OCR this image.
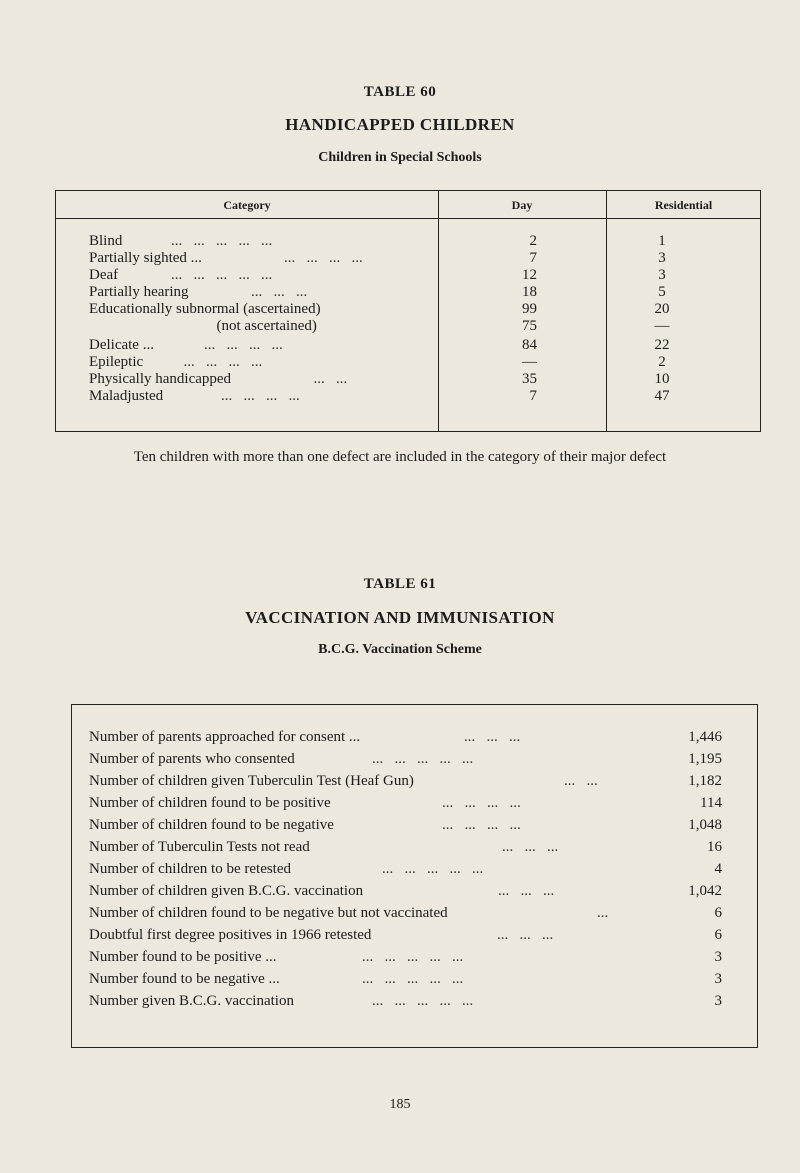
TABLE 60
HANDICAPPED CHILDREN
Children in Special Schools
Category	Day	Residential
Blind	...   ...   ...   ...   ...	2	1
Partially sighted ...	...   ...   ...   ...	7	3
Deaf	...   ...   ...   ...   ...	12	3
Partially hearing ...   ...   ...	18	5
Educationally subnormal (ascertained)	99	20
(not ascertained)	75	—
Delicate ...	...   ...   ...   ...	84	22
Epileptic ...   ...   ...   ...	—	2
Physically handicapped ...   ...	35	10
Maladjusted	...   ...   ...   ...	7	47
Ten children with more than one defect are included in the category of their major defect
TABLE 61
VACCINATION AND IMMUNISATION
B.C.G. Vaccination Scheme
Number of parents approached for consent ...	...   ...   ...	1,446
Number of parents who consented	...   ...   ...   ...   ...	1,195
Number of children given Tuberculin Test (Heaf Gun)	...   ...	1,182
Number of children found to be positive	...   ...   ...   ...	114
Number of children found to be negative	...   ...   ...   ...	1,048
Number of Tuberculin Tests not read	...   ...   ...	16
Number of children to be retested	...   ...   ...   ...   ...	4
Number of children given B.C.G. vaccination	...   ...   ...	1,042
Number of children found to be negative but not vaccinated	...	6
Doubtful first degree positives in 1966 retested	...   ...   ...	6
Number found to be positive ...	...   ...   ...   ...   ...	3
Number found to be negative ...	...   ...   ...   ...   ...	3
Number given B.C.G. vaccination	...   ...   ...   ...   ...	3
185
